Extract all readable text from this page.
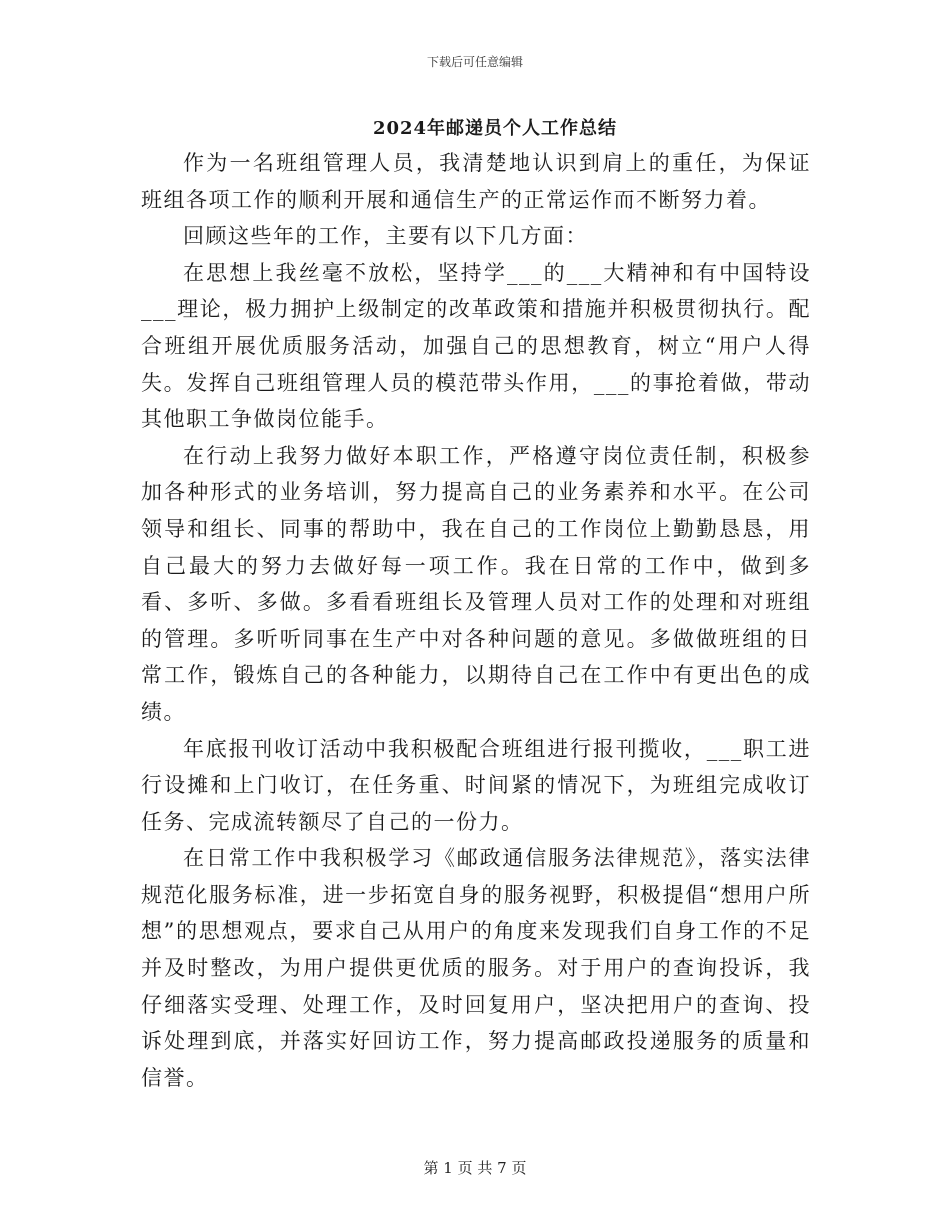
下载后可任意编辑
2024年邮递员个人工作总结

作为一名班组管理人员，我清楚地认识到肩上的重任，为保证班组各项工作的顺利开展和通信生产的正常运作而不断努力着。

回顾这些年的工作，主要有以下几方面：

在思想上我丝毫不放松，坚持学___的___大精神和有中国特设___理论，极力拥护上级制定的改革政策和措施并积极贯彻执行。配合班组开展优质服务活动，加强自己的思想教育，树立“用户人得失。发挥自己班组管理人员的模范带头作用，___的事抢着做，带动其他职工争做岗位能手。

在行动上我努力做好本职工作，严格遵守岗位责任制，积极参加各种形式的业务培训，努力提高自己的业务素养和水平。在公司领导和组长、同事的帮助中，我在自己的工作岗位上勤勤恳恳，用自己最大的努力去做好每一项工作。我在日常的工作中，做到多看、多听、多做。多看看班组长及管理人员对工作的处理和对班组的管理。多听听同事在生产中对各种问题的意见。多做做班组的日常工作，锻炼自己的各种能力，以期待自己在工作中有更出色的成绩。

年底报刊收订活动中我积极配合班组进行报刊揽收，___职工进行设摊和上门收订，在任务重、时间紧的情况下，为班组完成收订任务、完成流转额尽了自己的一份力。

在日常工作中我积极学习《邮政通信服务法律规范》，落实法律规范化服务标准，进一步拓宽自身的服务视野，积极提倡“想用户所想”的思想观点，要求自己从用户的角度来发现我们自身工作的不足并及时整改，为用户提供更优质的服务。对于用户的查询投诉，我仔细落实受理、处理工作，及时回复用户，坚决把用户的查询、投诉处理到底，并落实好回访工作，努力提高邮政投递服务的质量和信誉。

第 1 页 共 7 页
